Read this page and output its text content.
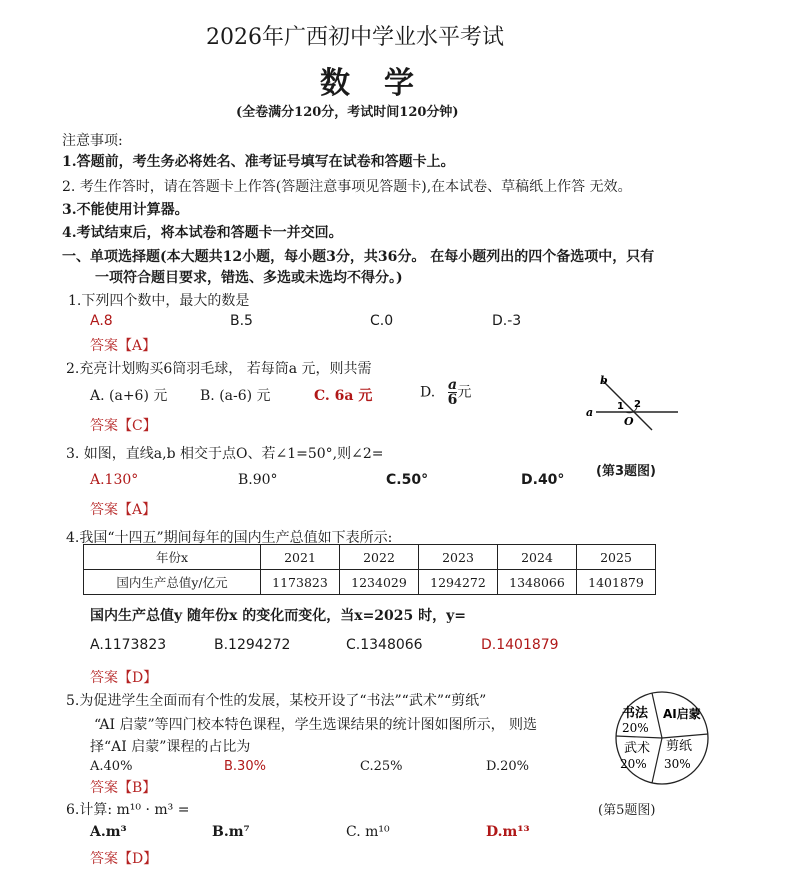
2026年广西初中学业水平考试
数学
(全卷满分120分，考试时间120分钟)
注意事项:
1.答题前，考生务必将姓名、准考证号填写在试卷和答题卡上。
2. 考生作答时，请在答题卡上作答(答题注意事项见答题卡),在本试卷、草稿纸上作答 无效。
3.不能使用计算器。
4.考试结束后，将本试卷和答题卡一并交回。
一、单项选择题(本大题共12小题，每小题3分，共36分。 在每小题列出的四个备选项中，只有
一项符合题目要求，错选、多选或未选均不得分。)
1.下列四个数中，最大的数是
A.8	B.5	C.0	D.-3
答案【A】
2.充亮计划购买6筒羽毛球， 若每筒a 元，则共需
A. (a+6) 元 B. (a-6) 元	C. 6a 元	D. $\frac{a}{6}$ 元
答案【C】
b
a 1 2
O
3. 如图，直线a,b 相交于点O、若∠1=50°,则∠2=
(第3题图)
A.130°	B.90°	C.50°	D.40°
答案【A】
4.我国“十四五”期间每年的国内生产总值如下表所示:
年份x	2021	2022	2023	2024	2025
国内生产总值y/亿元	1173823	1234029	1294272	1348066	1401879
国内生产总值y 随年份x 的变化而变化，当x=2025 时，y=
A.1173823	B.1294272	C.1348066	D.1401879
答案【D】
5.为促进学生全面而有个性的发展，某校开设了“书法”“武术”“剪纸”
“AI 启蒙”等四门校本特色课程，学生选课结果的统计图如图所示， 则选
择“AI 启蒙”课程的占比为
A.40%	B.30%	C.25%	D.20%
答案【B】
书法
20%
AI启蒙
武术
20%
剪纸
30%
6.计算: m¹⁰ · m³ =	(第5题图)
A.m³	B.m⁷	C. m¹⁰	D.m¹³
答案【D】
